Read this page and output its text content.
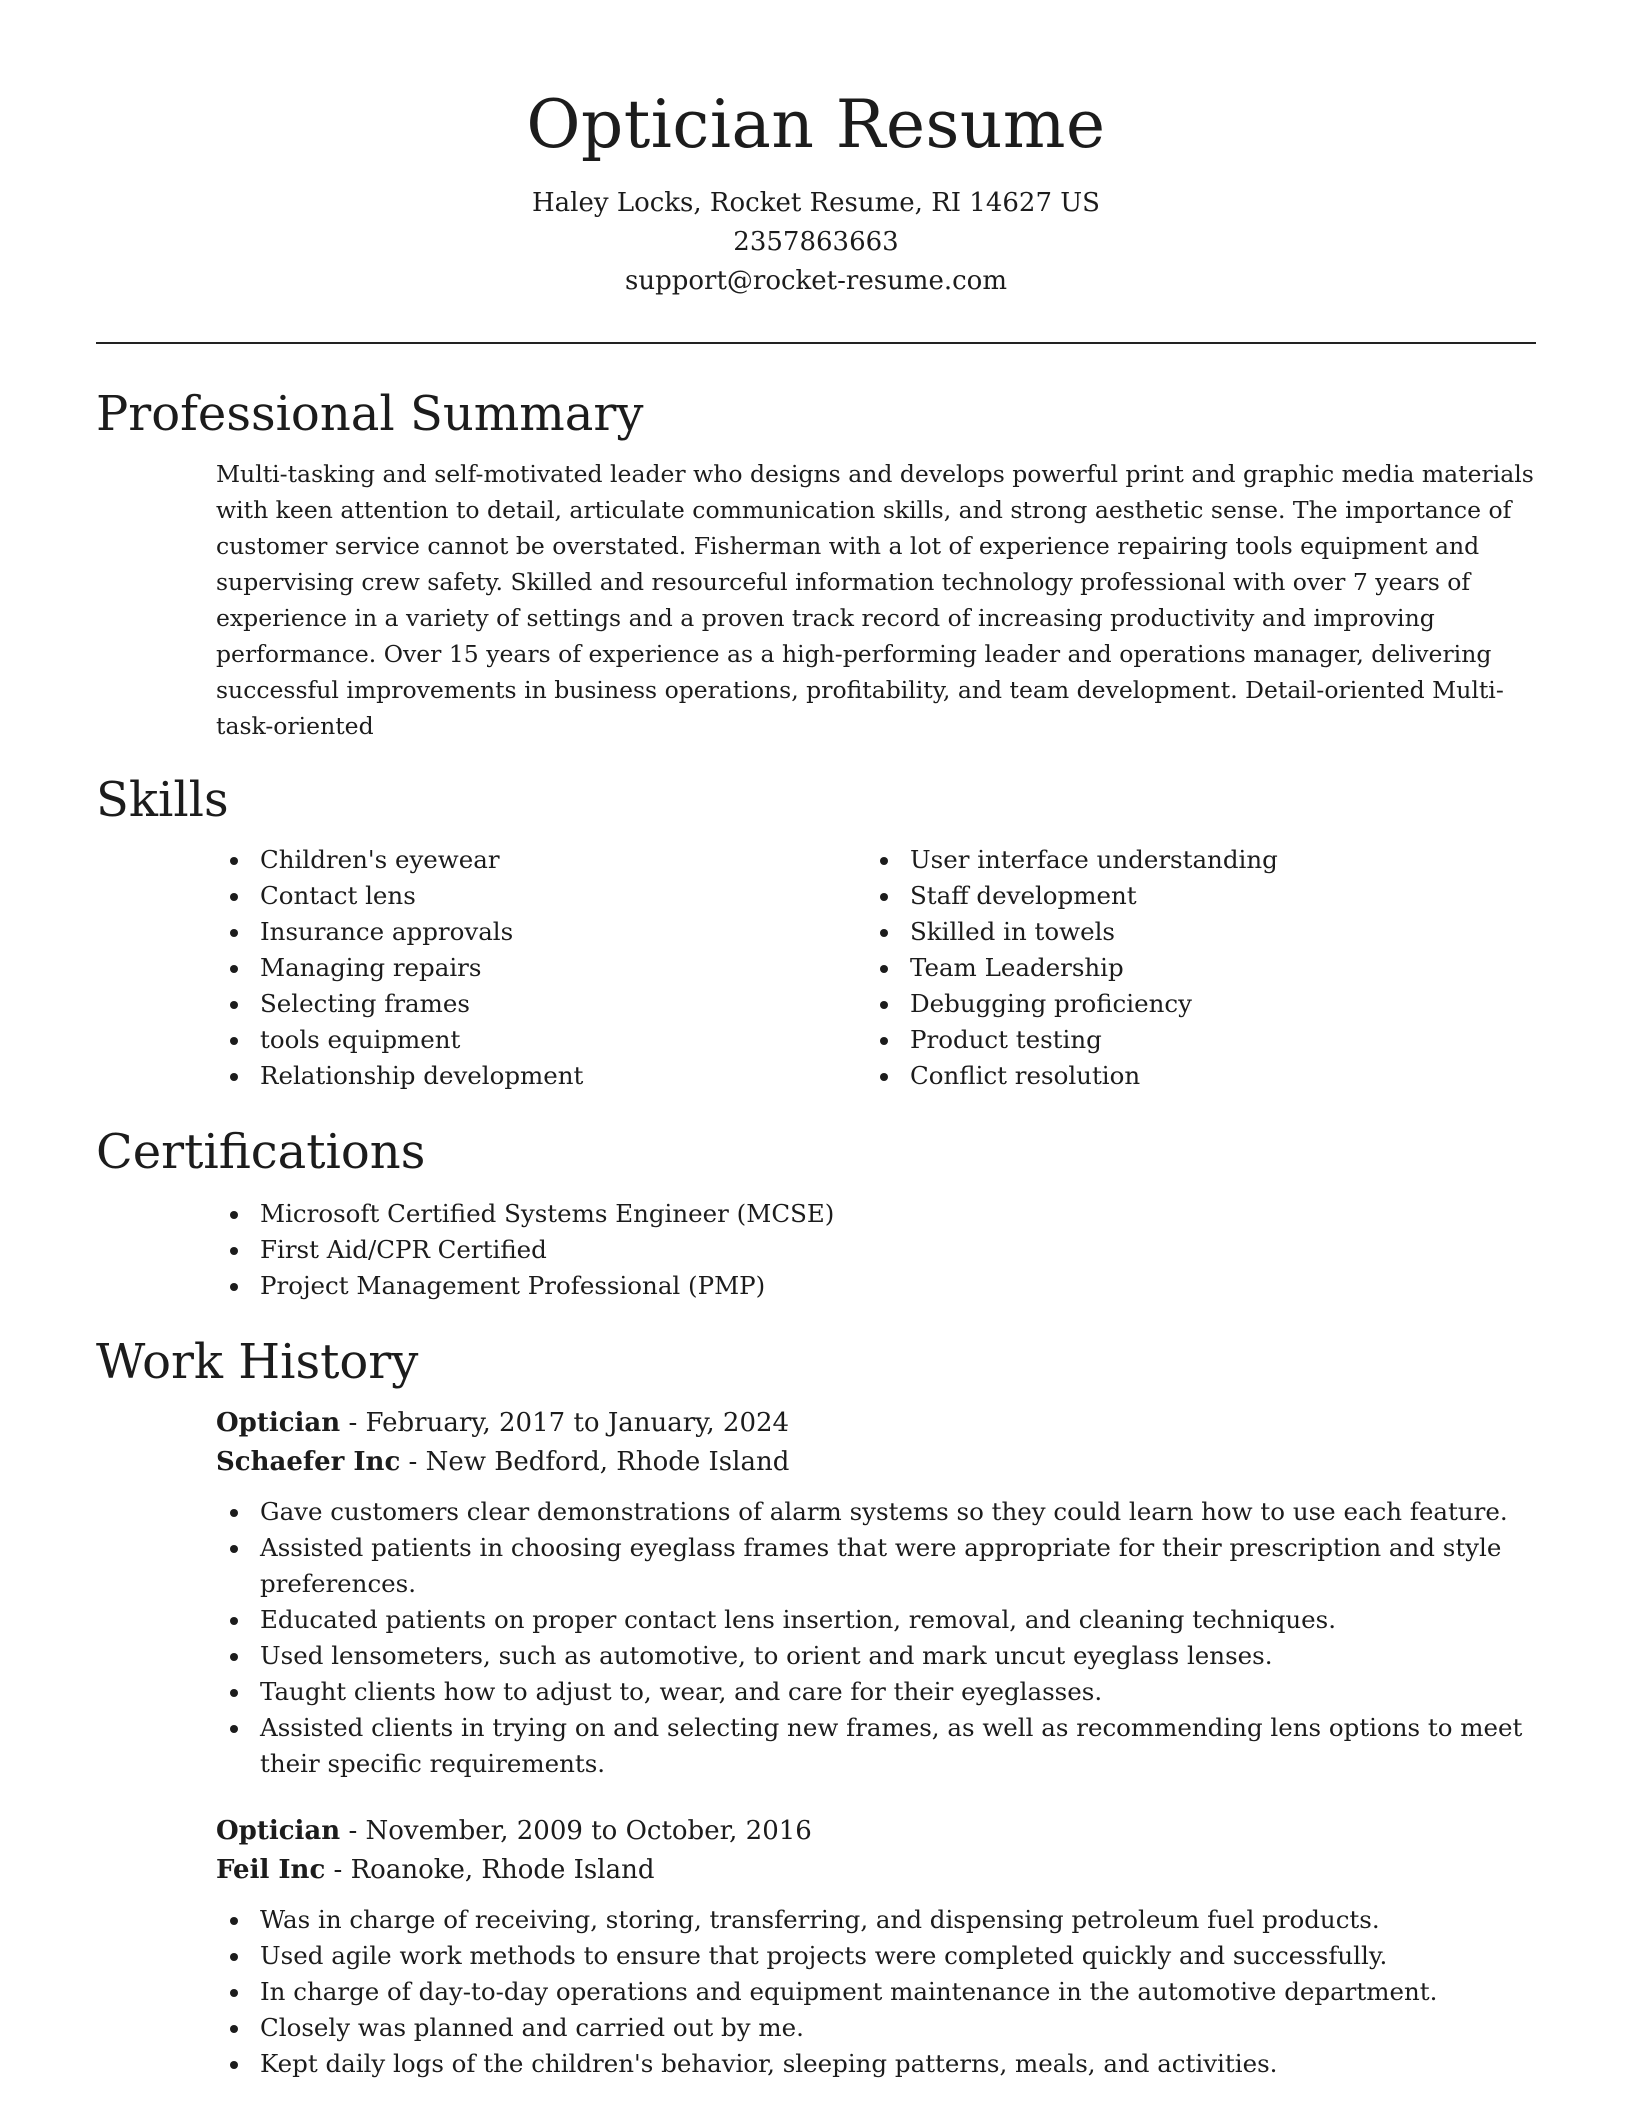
Optician Resume
Haley Locks, Rocket Resume, RI 14627 US
2357863663
support@rocket-resume.com
Professional Summary

Multi-tasking and self-motivated leader who designs and develops powerful print and graphic media materials with keen attention to detail, articulate communication skills, and strong aesthetic sense. The importance of customer service cannot be overstated. Fisherman with a lot of experience repairing tools equipment and supervising crew safety. Skilled and resourceful information technology professional with over 7 years of experience in a variety of settings and a proven track record of increasing productivity and improving performance. Over 15 years of experience as a high-performing leader and operations manager, delivering successful improvements in business operations, profitability, and team development. Detail-oriented Multi-task-oriented

Skills
Children's eyewear
Contact lens
Insurance approvals
Managing repairs
Selecting frames
tools equipment
Relationship development
User interface understanding
Staff development
Skilled in towels
Team Leadership
Debugging proficiency
Product testing
Conflict resolution
Certifications
Microsoft Certified Systems Engineer (MCSE)
First Aid/CPR Certified
Project Management Professional (PMP)
Work History
Optician - February, 2017 to January, 2024
Schaefer Inc - New Bedford, Rhode Island
Gave customers clear demonstrations of alarm systems so they could learn how to use each feature.
Assisted patients in choosing eyeglass frames that were appropriate for their prescription and style preferences.
Educated patients on proper contact lens insertion, removal, and cleaning techniques.
Used lensometers, such as automotive, to orient and mark uncut eyeglass lenses.
Taught clients how to adjust to, wear, and care for their eyeglasses.
Assisted clients in trying on and selecting new frames, as well as recommending lens options to meet their specific requirements.
Optician - November, 2009 to October, 2016
Feil Inc - Roanoke, Rhode Island
Was in charge of receiving, storing, transferring, and dispensing petroleum fuel products.
Used agile work methods to ensure that projects were completed quickly and successfully.
In charge of day-to-day operations and equipment maintenance in the automotive department.
Closely was planned and carried out by me.
Kept daily logs of the children's behavior, sleeping patterns, meals, and activities.
